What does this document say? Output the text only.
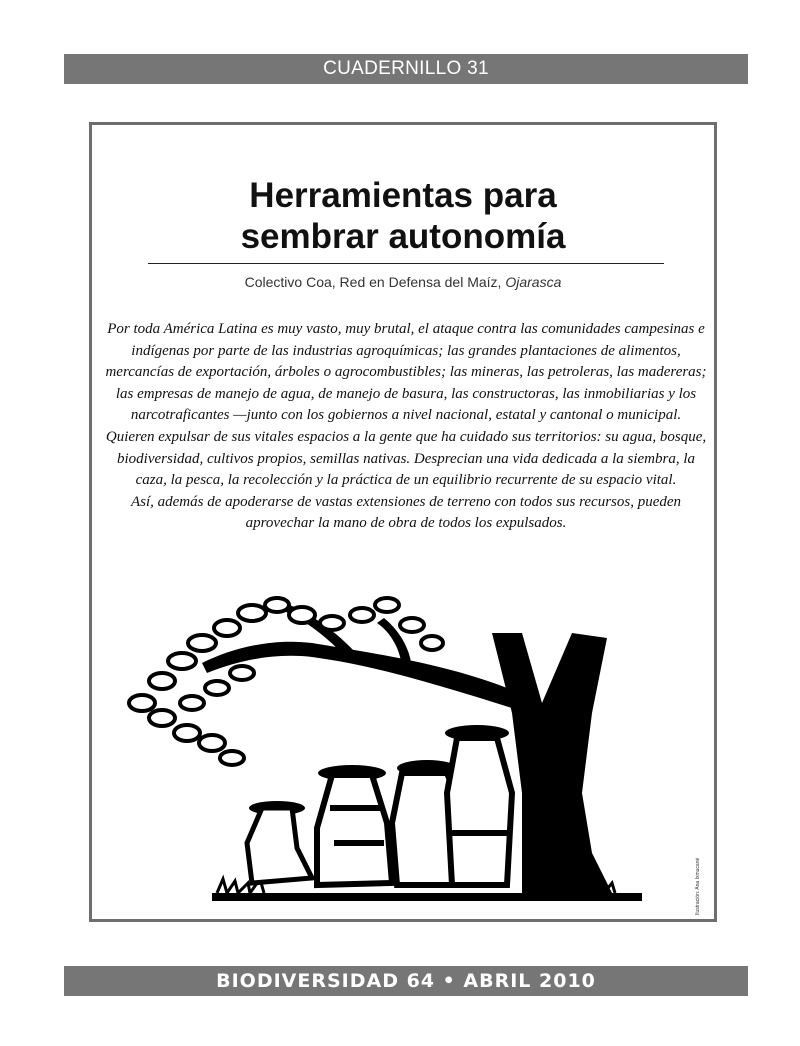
CUADERNILLO 31
Herramientas para
sembrar autonomía
Colectivo Coa, Red en Defensa del Maíz, Ojarasca

Por toda América Latina es muy vasto, muy brutal, el ataque contra las comunidades campesinas e indígenas por parte de las industrias agroquímicas; las grandes plantaciones de alimentos, mercancías de exportación, árboles o agrocombustibles; las mineras, las petroleras, las madereras; las empresas de manejo de agua, de manejo de basura, las constructoras, las inmobiliarias y los narcotraficantes —junto con los gobiernos a nivel nacional, estatal y cantonal o municipal.

Quieren expulsar de sus vitales espacios a la gente que ha cuidado sus territorios: su agua, bosque, biodiversidad, cultivos propios, semillas nativas. Desprecian una vida dedicada a la siembra, la caza, la pesca, la recolección y la práctica de un equilibrio recurrente de su espacio vital.

Así, además de apoderarse de vastas extensiones de terreno con todos sus recursos, pueden aprovechar la mano de obra de todos los expulsados.

Ilustración: Ana Ixmucané
BIODIVERSIDAD 64 • ABRIL 2010
